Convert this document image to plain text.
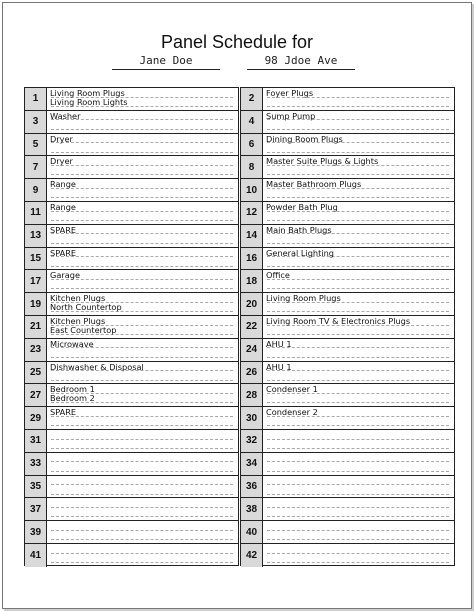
Panel Schedule for
Jane Doe	98 Jdoe Ave
1
Living Room Plugs
Living Room Lights
3
Washer
5
Dryer
7
Dryer
9
Range
11
Range
13
SPARE
15
SPARE
17
Garage
19
Kitchen Plugs
North Countertop
21
Kitchen Plugs
East Countertop
23
Microwave
25
Dishwasher & Disposal
27
Bedroom 1
Bedroom 2
29
SPARE
31
33
35
37
39
41
2
Foyer Plugs
4
Sump Pump
6
Dining Room Plugs
8
Master Suite Plugs & Lights
10
Master Bathroom Plugs
12
Powder Bath Plug
14
Main Bath Plugs
16
General Lighting
18
Office
20
Living Room Plugs
22
Living Room TV & Electronics Plugs
24
AHU 1
26
AHU 1
28
Condenser 1
30
Condenser 2
32
34
36
38
40
42
